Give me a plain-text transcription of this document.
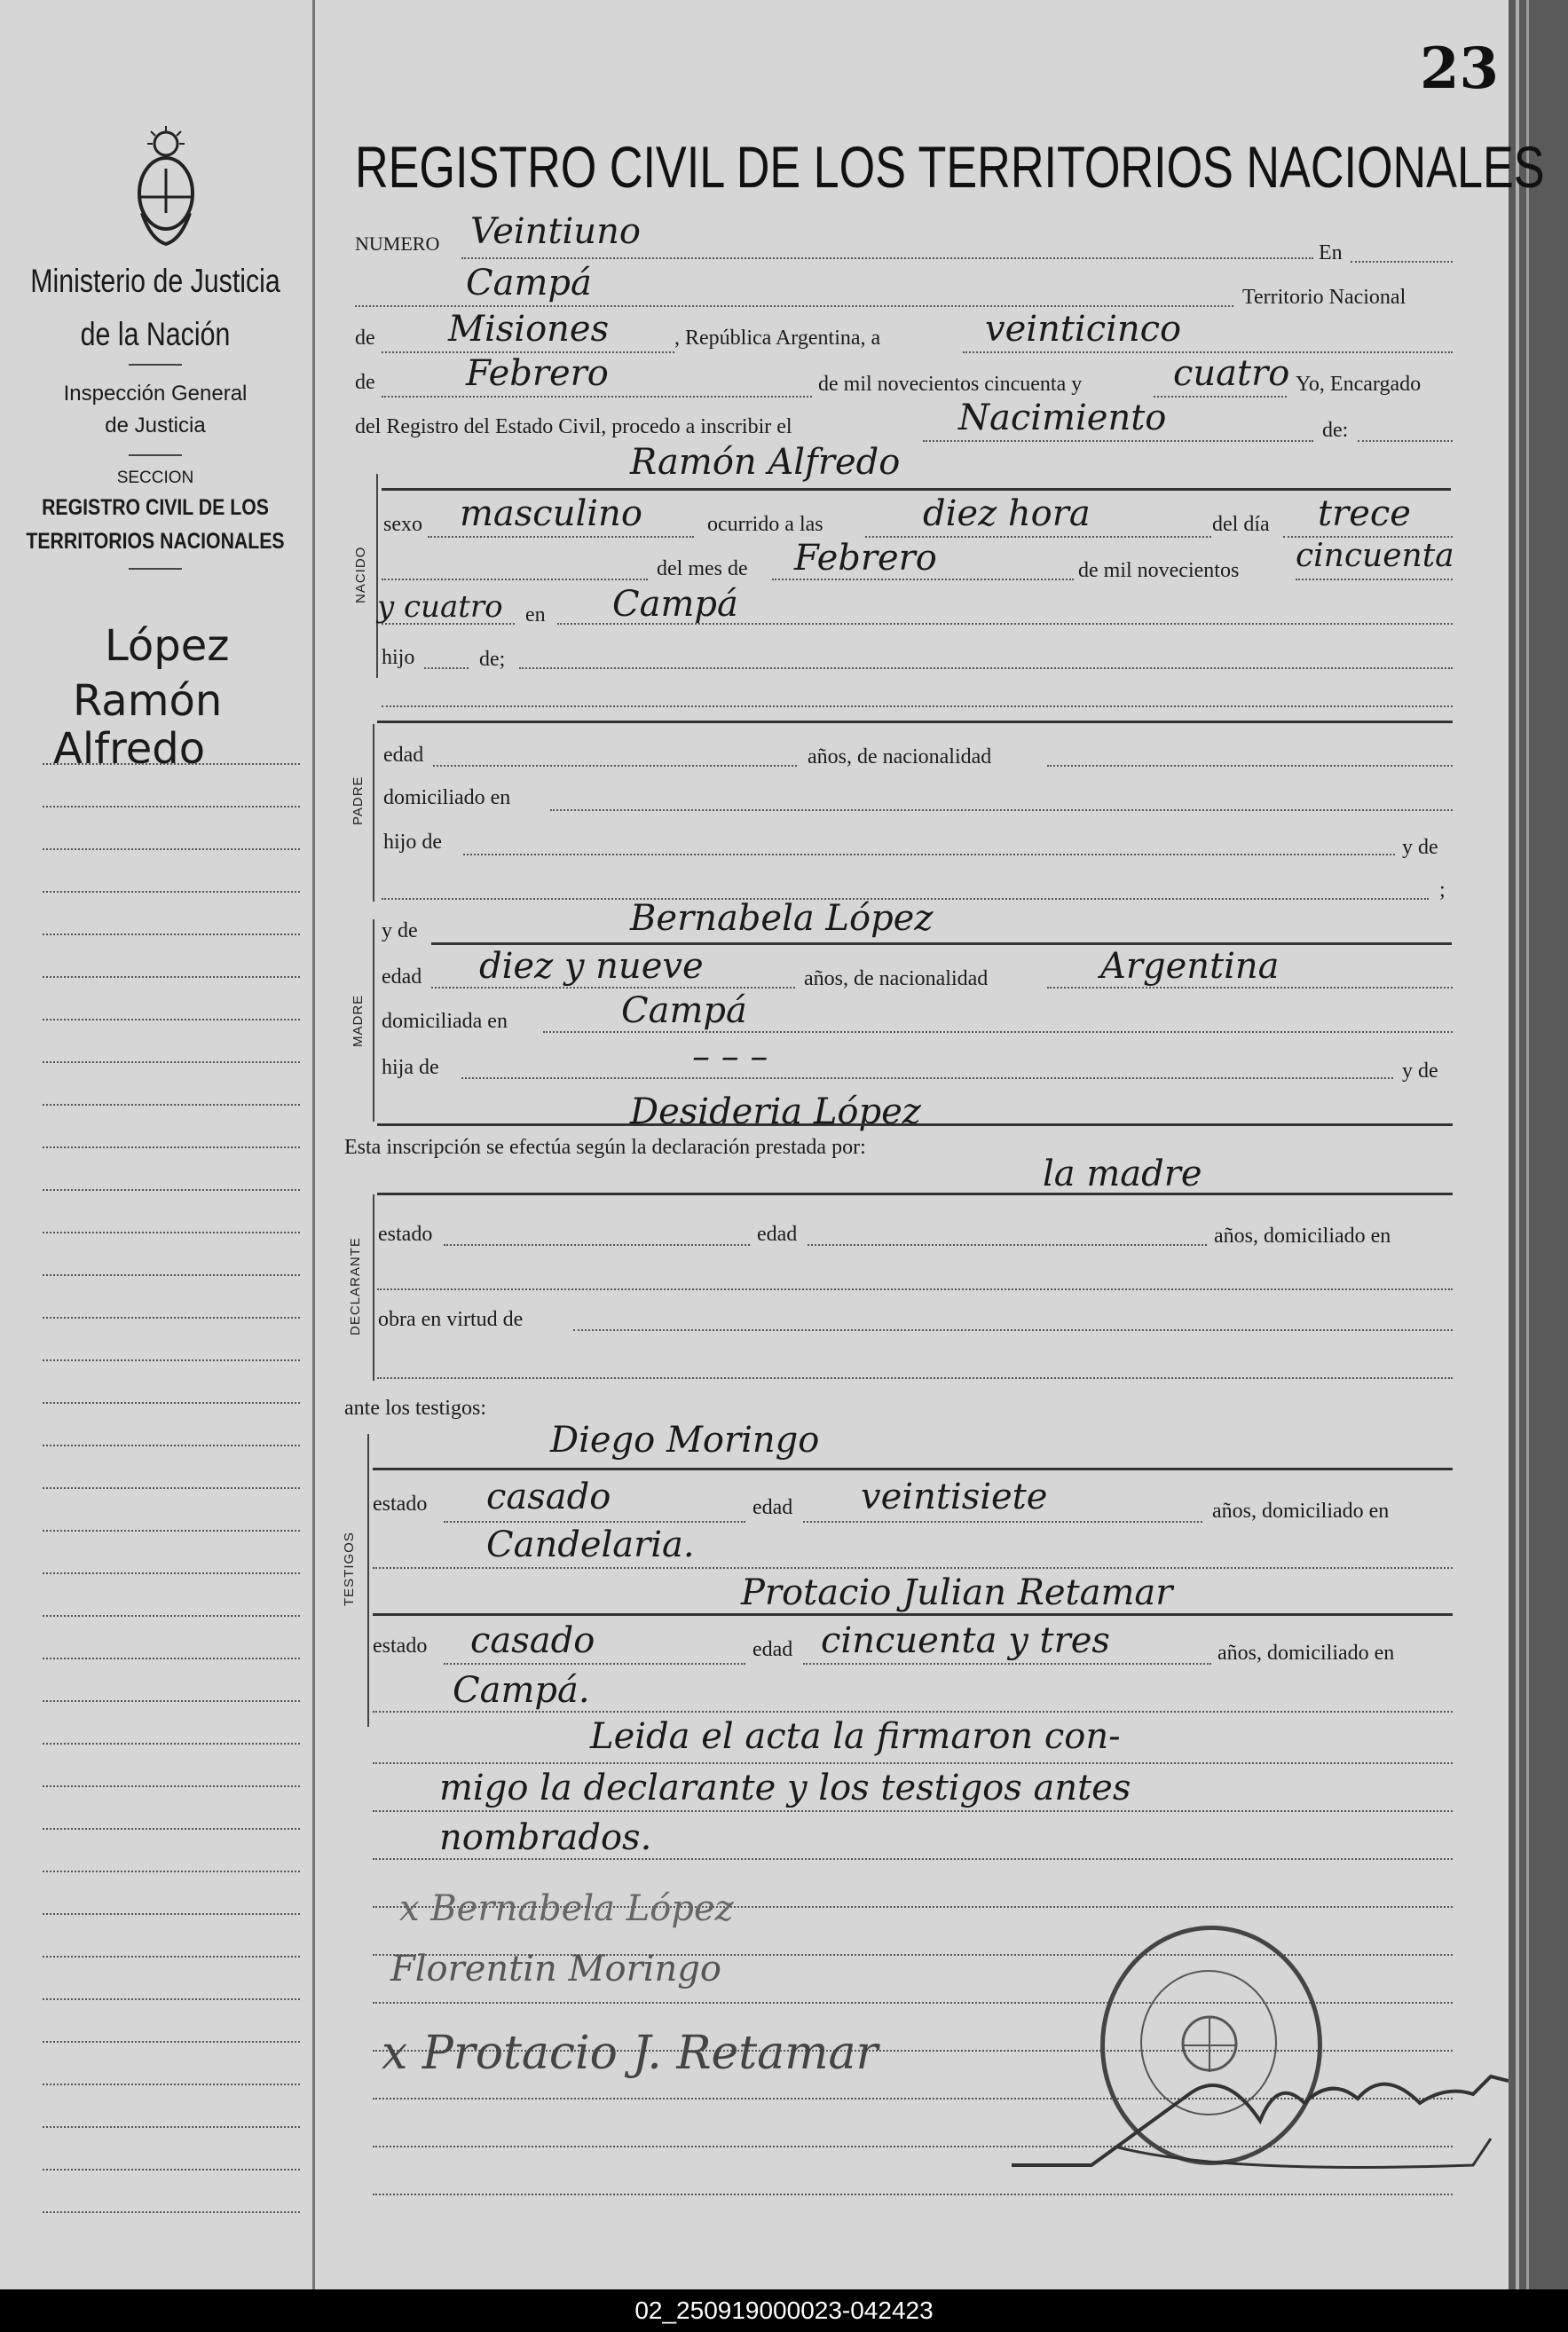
Ministerio de Justicia
de la Nación
Inspección General
de Justicia
SECCION
REGISTRO CIVIL DE LOS
TERRITORIOS NACIONALES
López
Ramón
Alfredo
23
REGISTRO CIVIL DE LOS TERRITORIOS NACIONALES
NUMERO Veintiuno
En
Campá	Territorio Nacional
de Misiones	, República Argentina, a	veinticinco
de	Febrero	de mil novecientos cincuenta y	cuatro Yo, Encargado
del Registro del Estado Civil, procedo a inscribir el	Nacimiento	de:
NACIDO
Ramón Alfredo
sexo masculino	ocurrido a las	diez hora	del día trece
del mes de Febrero	de mil novecientos cincuenta
y cuatro en Campá
hijo	de;
PADRE
edad	años, de nacionalidad
domiciliado en
hijo de	y de
;
MADRE
y de	Bernabela López
edad diez y nueve	años, de nacionalidad	Argentina
domiciliada en	Campá
hija de	– – –	y de
Desideria López
Esta inscripción se efectúa según la declaración prestada por:
la madre
DECLARANTE
estado	edad	años, domiciliado en
obra en virtud de
ante los testigos:
TESTIGOS
Diego Moringo
estado casado	edad veintisiete	años, domiciliado en
Candelaria.
Protacio Julian Retamar
estado casado	edad cincuenta y tres	años, domiciliado en
Campá.
Leida el acta la firmaron con-
migo la declarante y los testigos antes
nombrados.
x Bernabela López
Florentin Moringo
x Protacio J. Retamar
02_250919000023-042423
